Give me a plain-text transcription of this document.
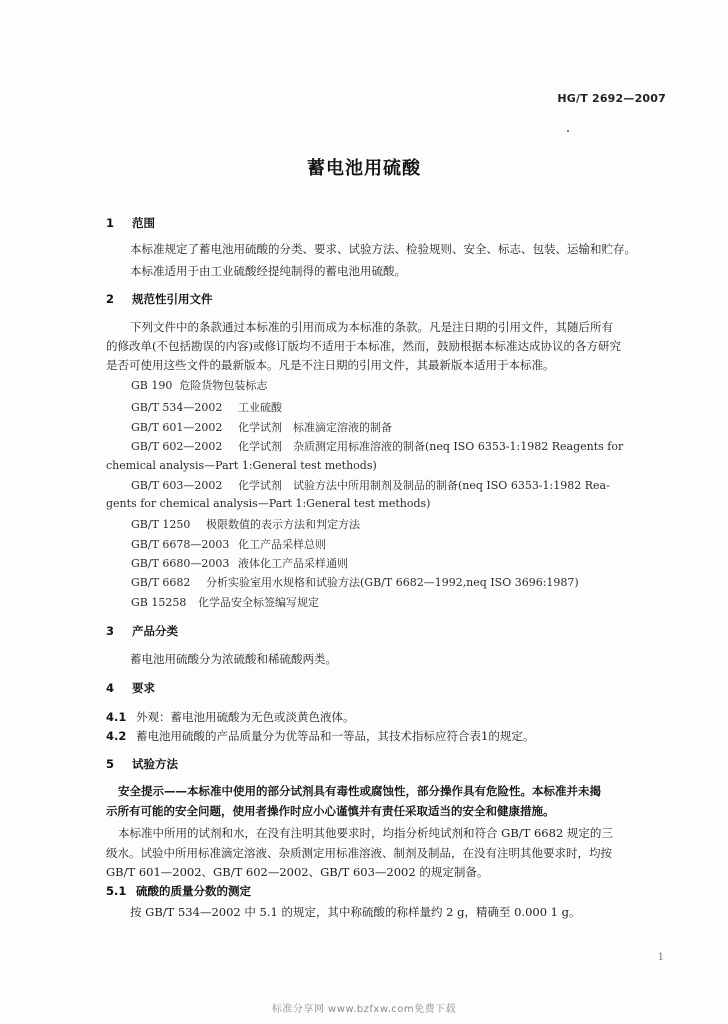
HG/T 2692—2007
蓄电池用硫酸
1 范围
本标准规定了蓄电池用硫酸的分类、要求、试验方法、检验规则、安全、标志、包装、运输和贮存。
本标准适用于由工业硫酸经提纯制得的蓄电池用硫酸。
2 规范性引用文件
下列文件中的条款通过本标准的引用而成为本标准的条款。凡是注日期的引用文件，其随后所有
的修改单(不包括勘误的内容)或修订版均不适用于本标准，然而，鼓励根据本标准达成协议的各方研究
是否可使用这些文件的最新版本。凡是不注日期的引用文件，其最新版本适用于本标准。
GB 190 危险货物包装标志
GB/T 534—2002 工业硫酸
GB/T 601—2002 化学试剂　标准滴定溶液的制备
GB/T 602—2002 化学试剂　杂质测定用标准溶液的制备(neq ISO 6353-1:1982 Reagents for
chemical analysis—Part 1:General test methods)
GB/T 603—2002 化学试剂　试验方法中所用制剂及制品的制备(neq ISO 6353-1:1982 Rea-
gents for chemical analysis—Part 1:General test methods)
GB/T 1250 极限数值的表示方法和判定方法
GB/T 6678—2003 化工产品采样总则
GB/T 6680—2003 液体化工产品采样通则
GB/T 6682 分析实验室用水规格和试验方法(GB/T 6682—1992,neq ISO 3696:1987)
GB 15258 化学品安全标签编写规定
3 产品分类
蓄电池用硫酸分为浓硫酸和稀硫酸两类。
4 要求
4.1 外观：蓄电池用硫酸为无色或淡黄色液体。
4.2 蓄电池用硫酸的产品质量分为优等品和一等品，其技术指标应符合表1的规定。
5 试验方法
安全提示——本标准中使用的部分试剂具有毒性或腐蚀性，部分操作具有危险性。本标准并未揭
示所有可能的安全问题，使用者操作时应小心谨慎并有责任采取适当的安全和健康措施。
本标准中所用的试剂和水，在没有注明其他要求时，均指分析纯试剂和符合 GB/T 6682 规定的三
级水。试验中所用标准滴定溶液、杂质测定用标准溶液、制剂及制品，在没有注明其他要求时，均按
GB/T 601—2002、GB/T 602—2002、GB/T 603—2002 的规定制备。
5.1 硫酸的质量分数的测定
按 GB/T 534—2002 中 5.1 的规定，其中称硫酸的称样量约 2 g，精确至 0.000 1 g。
1
标准分享网 www.bzfxw.com免费下载
